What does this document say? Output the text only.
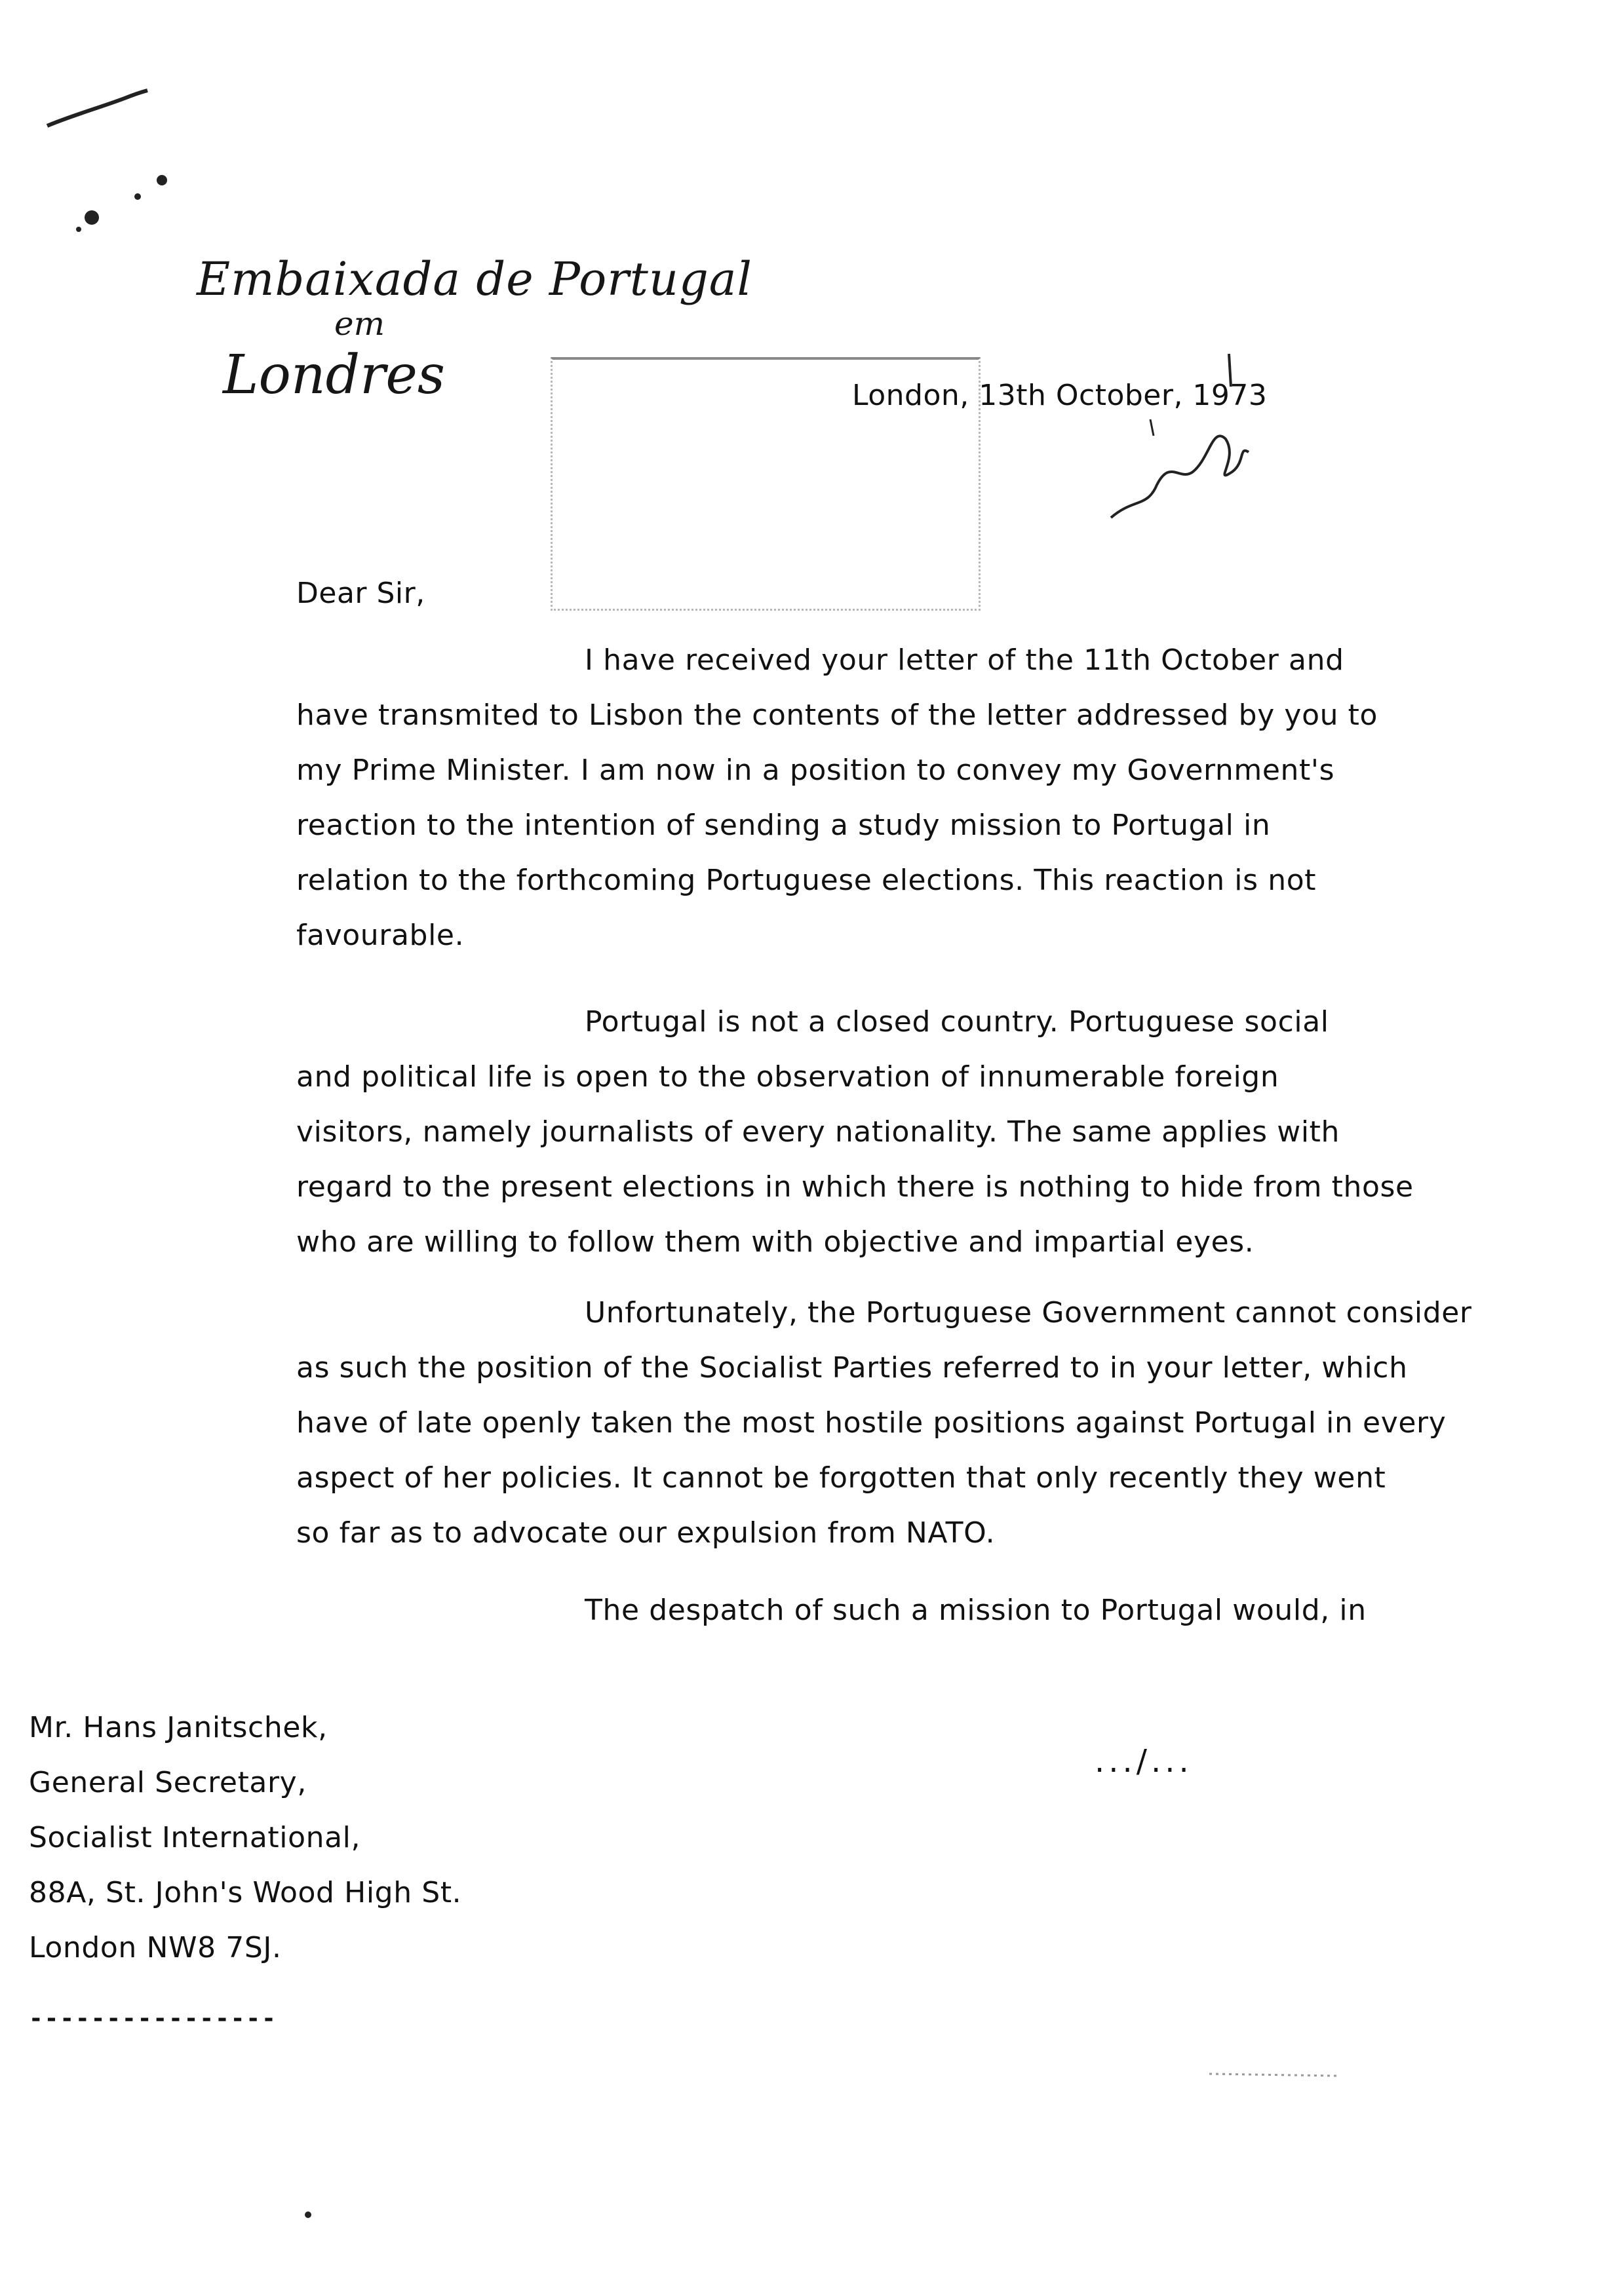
Embaixada de Portugal
em
Londres	London, 13th October, 1973
Dear Sir,
I have received your letter of the 11th October and
have transmited to Lisbon the contents of the letter addressed by you to
my Prime Minister. I am now in a position to convey my Government's
reaction to the intention of sending a study mission to Portugal in
relation to the forthcoming Portuguese elections. This reaction is not
favourable.
Portugal is not a closed country. Portuguese social
and political life is open to the observation of innumerable foreign
visitors, namely journalists of every nationality. The same applies with
regard to the present elections in which there is nothing to hide from those
who are willing to follow them with objective and impartial eyes.
Unfortunately, the Portuguese Government cannot consider
as such the position of the Socialist Parties referred to in your letter, which
have of late openly taken the most hostile positions against Portugal in every
aspect of her policies. It cannot be forgotten that only recently they went
so far as to advocate our expulsion from NATO.
The despatch of such a mission to Portugal would, in
Mr. Hans Janitschek,
General Secretary,
Socialist International,
88A, St. John's Wood High St.
London NW8 7SJ.
----------------
.../...
